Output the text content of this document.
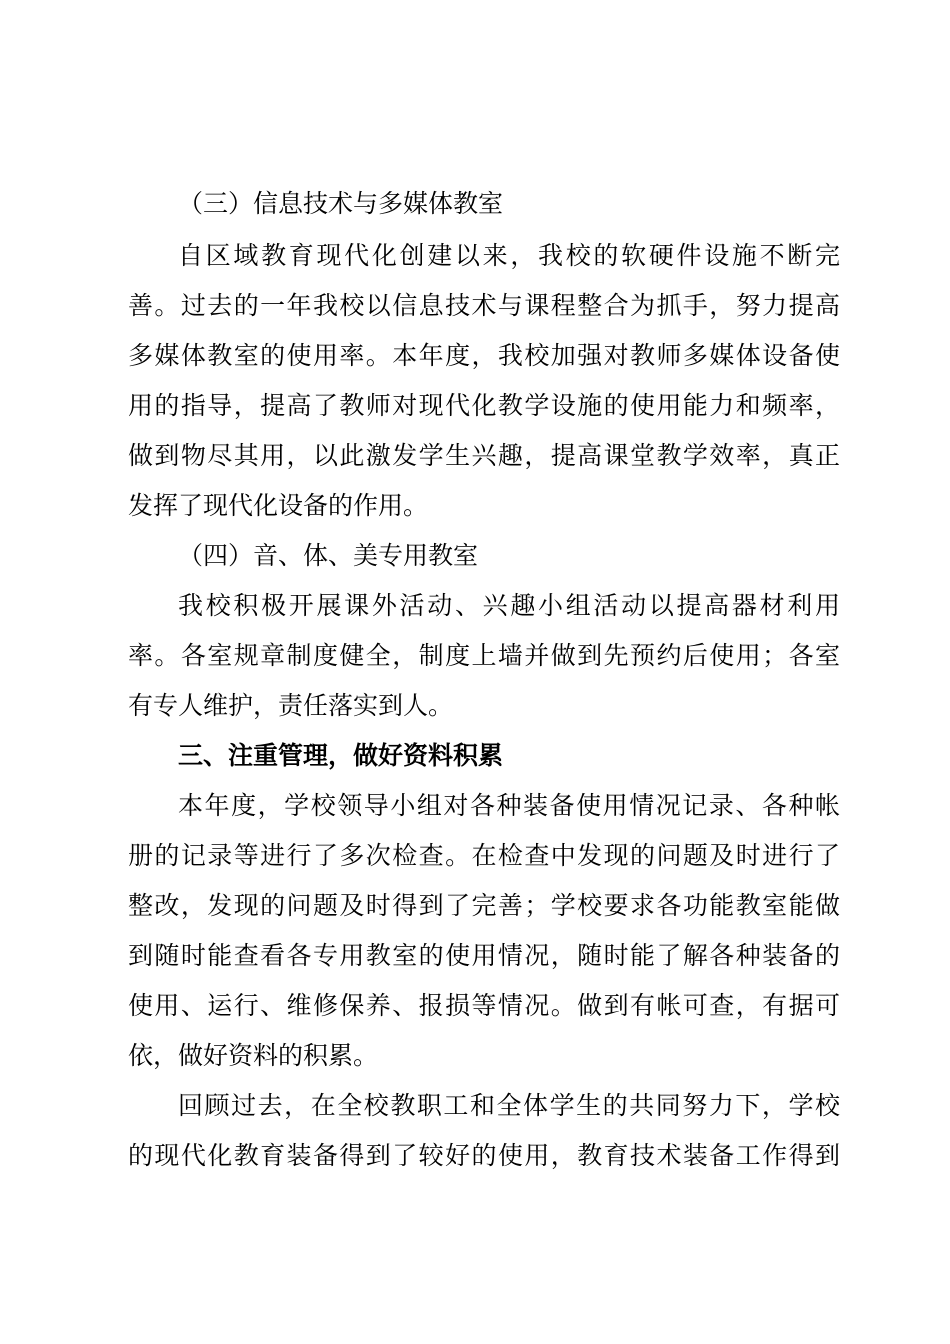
（三）信息技术与多媒体教室
自区域教育现代化创建以来，我校的软硬件设施不断完
善。过去的一年我校以信息技术与课程整合为抓手，努力提高
多媒体教室的使用率。本年度，我校加强对教师多媒体设备使
用的指导，提高了教师对现代化教学设施的使用能力和频率，
做到物尽其用，以此激发学生兴趣，提高课堂教学效率，真正
发挥了现代化设备的作用。
（四）音、体、美专用教室
我校积极开展课外活动、兴趣小组活动以提高器材利用
率。各室规章制度健全，制度上墙并做到先预约后使用；各室
有专人维护，责任落实到人。
三、注重管理，做好资料积累
本年度，学校领导小组对各种装备使用情况记录、各种帐
册的记录等进行了多次检查。在检查中发现的问题及时进行了
整改，发现的问题及时得到了完善；学校要求各功能教室能做
到随时能查看各专用教室的使用情况，随时能了解各种装备的
使用、运行、维修保养、报损等情况。做到有帐可查，有据可
依，做好资料的积累。
回顾过去，在全校教职工和全体学生的共同努力下，学校
的现代化教育装备得到了较好的使用，教育技术装备工作得到
